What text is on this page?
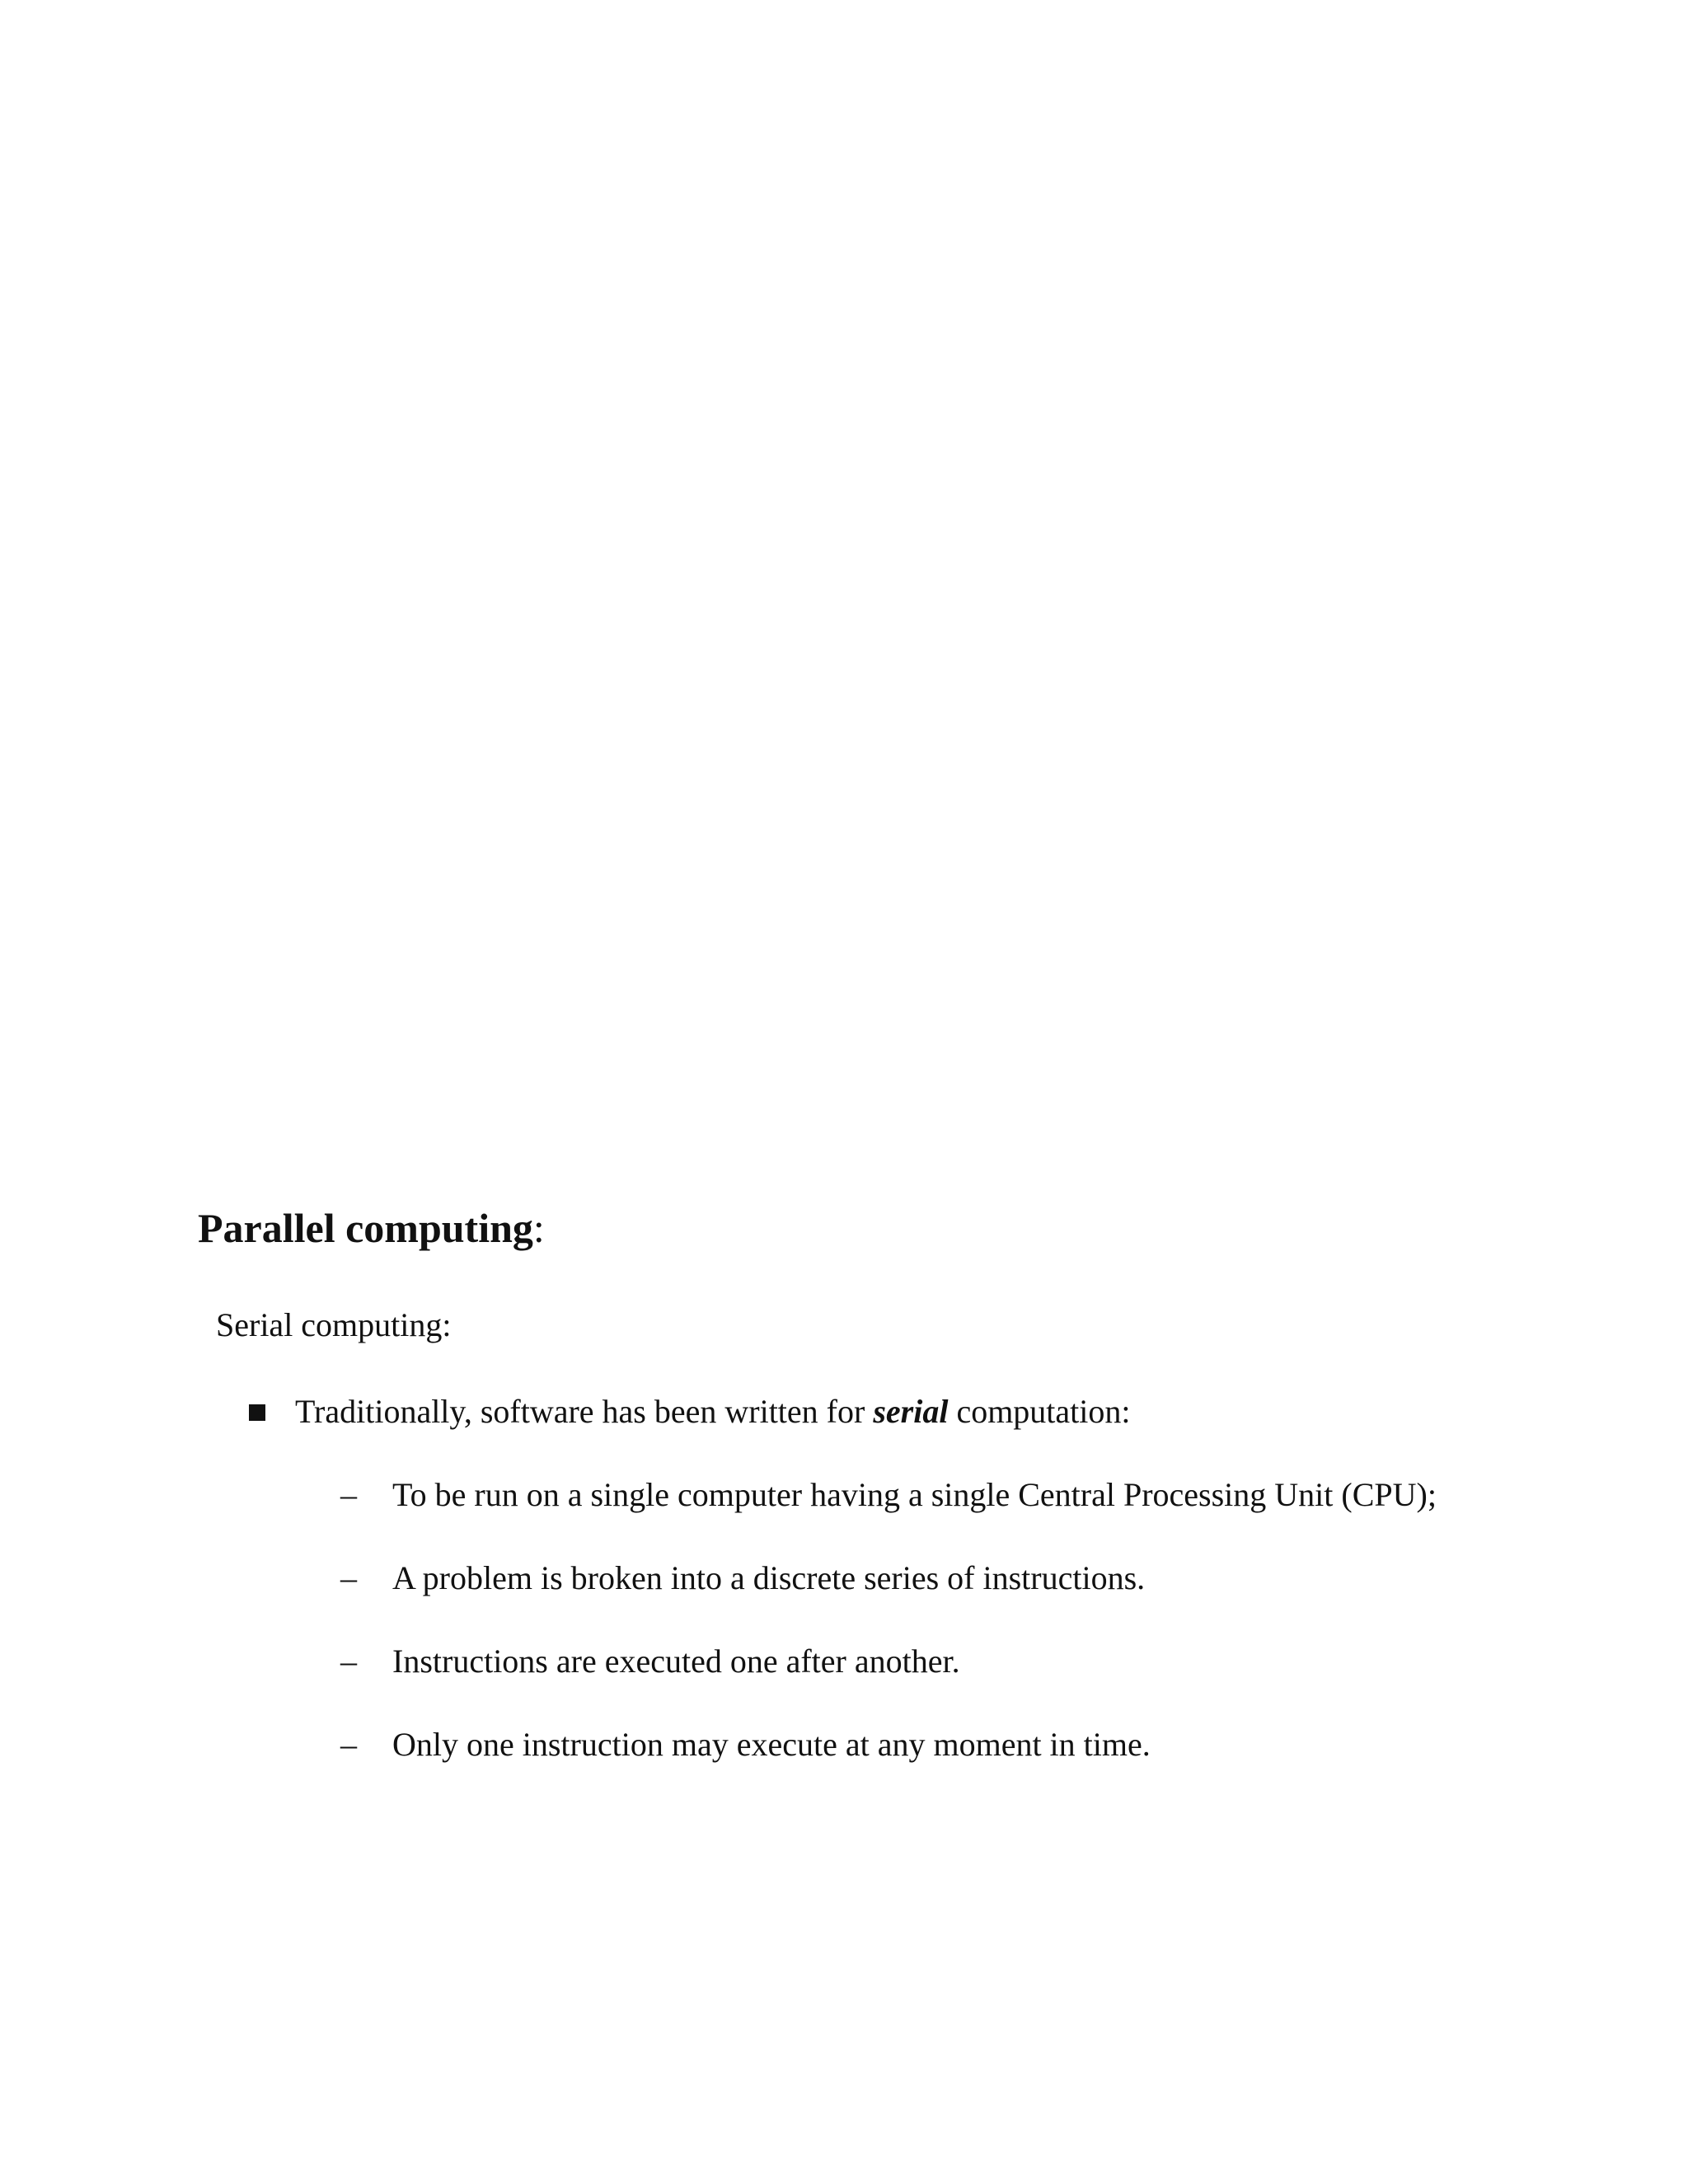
Parallel computing:
Serial computing:
Traditionally, software has been written for serial computation:
– To be run on a single computer having a single Central Processing Unit (CPU);
– A problem is broken into a discrete series of instructions.
– Instructions are executed one after another.
– Only one instruction may execute at any moment in time.
